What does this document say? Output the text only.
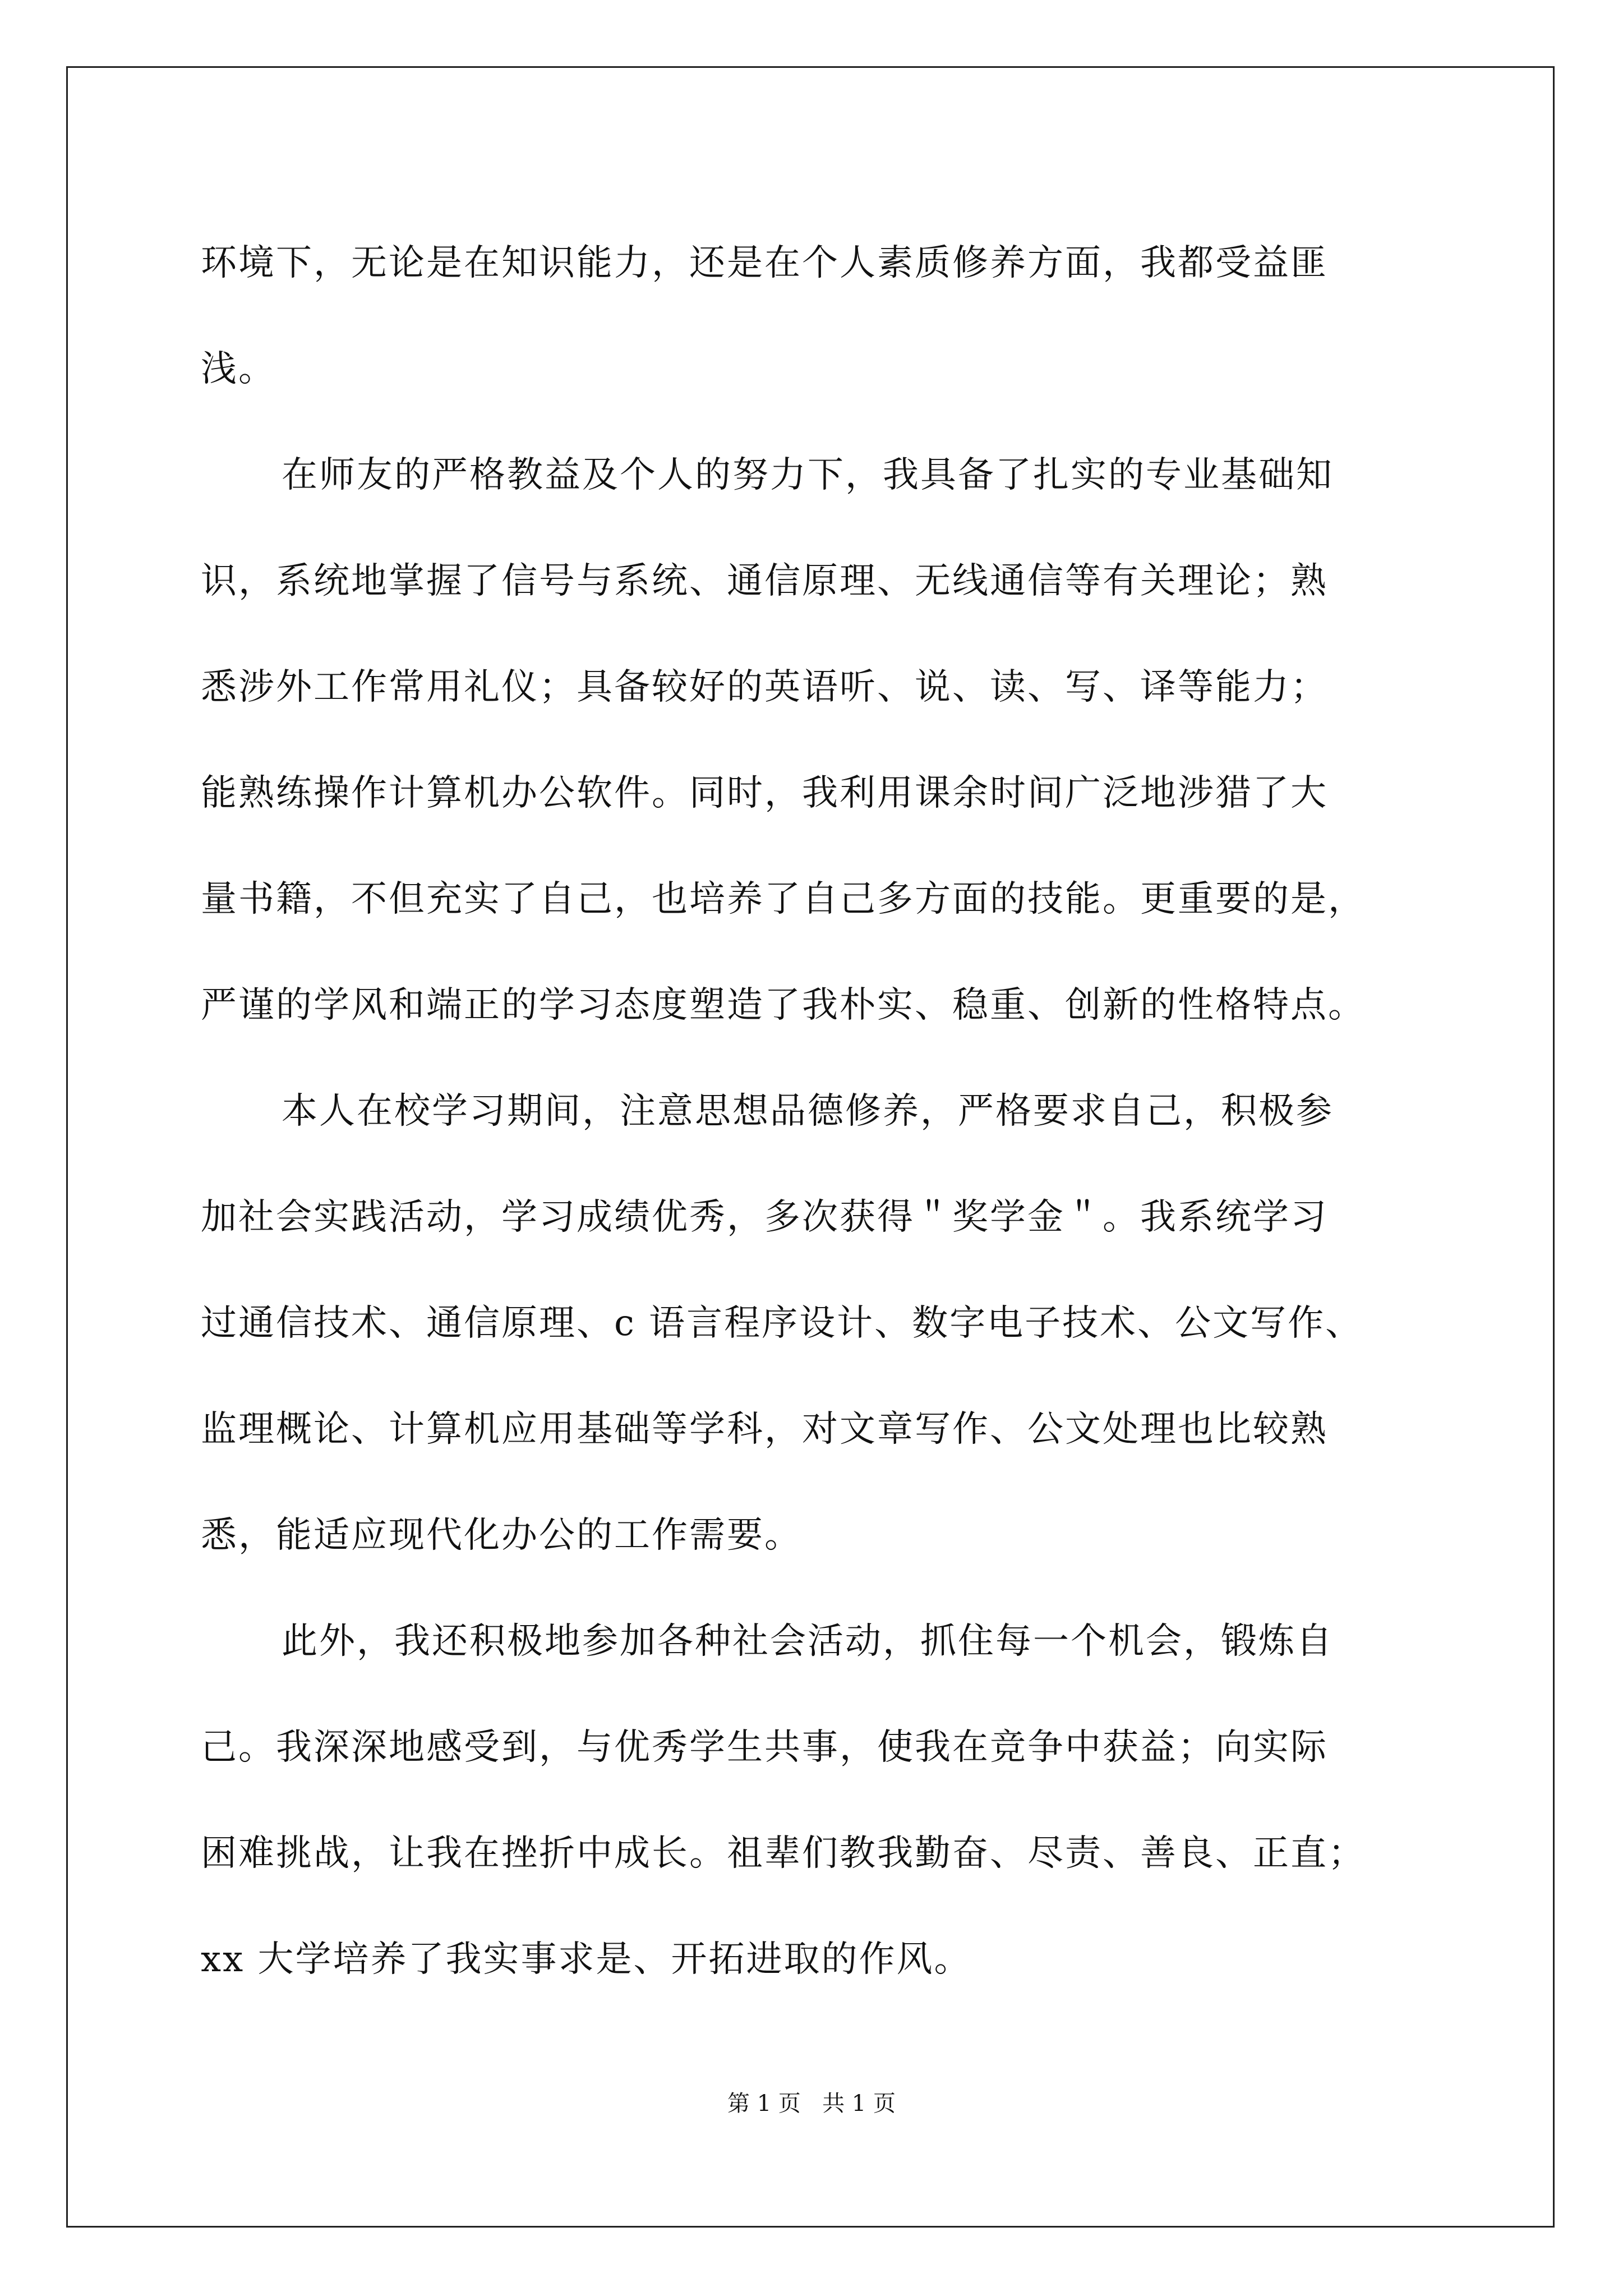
环境下，无论是在知识能力，还是在个人素质修养方面，我都受益匪
浅。
在师友的严格教益及个人的努力下，我具备了扎实的专业基础知
识，系统地掌握了信号与系统、通信原理、无线通信等有关理论；熟
悉涉外工作常用礼仪；具备较好的英语听、说、读、写、译等能力；
能熟练操作计算机办公软件。同时，我利用课余时间广泛地涉猎了大
量书籍，不但充实了自己，也培养了自己多方面的技能。更重要的是，
严谨的学风和端正的学习态度塑造了我朴实、稳重、创新的性格特点。
本人在校学习期间，注意思想品德修养，严格要求自己，积极参
加社会实践活动，学习成绩优秀，多次获得＂奖学金＂。我系统学习
过通信技术、通信原理、c 语言程序设计、数字电子技术、公文写作、
监理概论、计算机应用基础等学科，对文章写作、公文处理也比较熟
悉，能适应现代化办公的工作需要。
此外，我还积极地参加各种社会活动，抓住每一个机会，锻炼自
己。我深深地感受到，与优秀学生共事，使我在竞争中获益；向实际
困难挑战，让我在挫折中成长。祖辈们教我勤奋、尽责、善良、正直；
xx 大学培养了我实事求是、开拓进取的作风。
第 1 页   共 1 页
